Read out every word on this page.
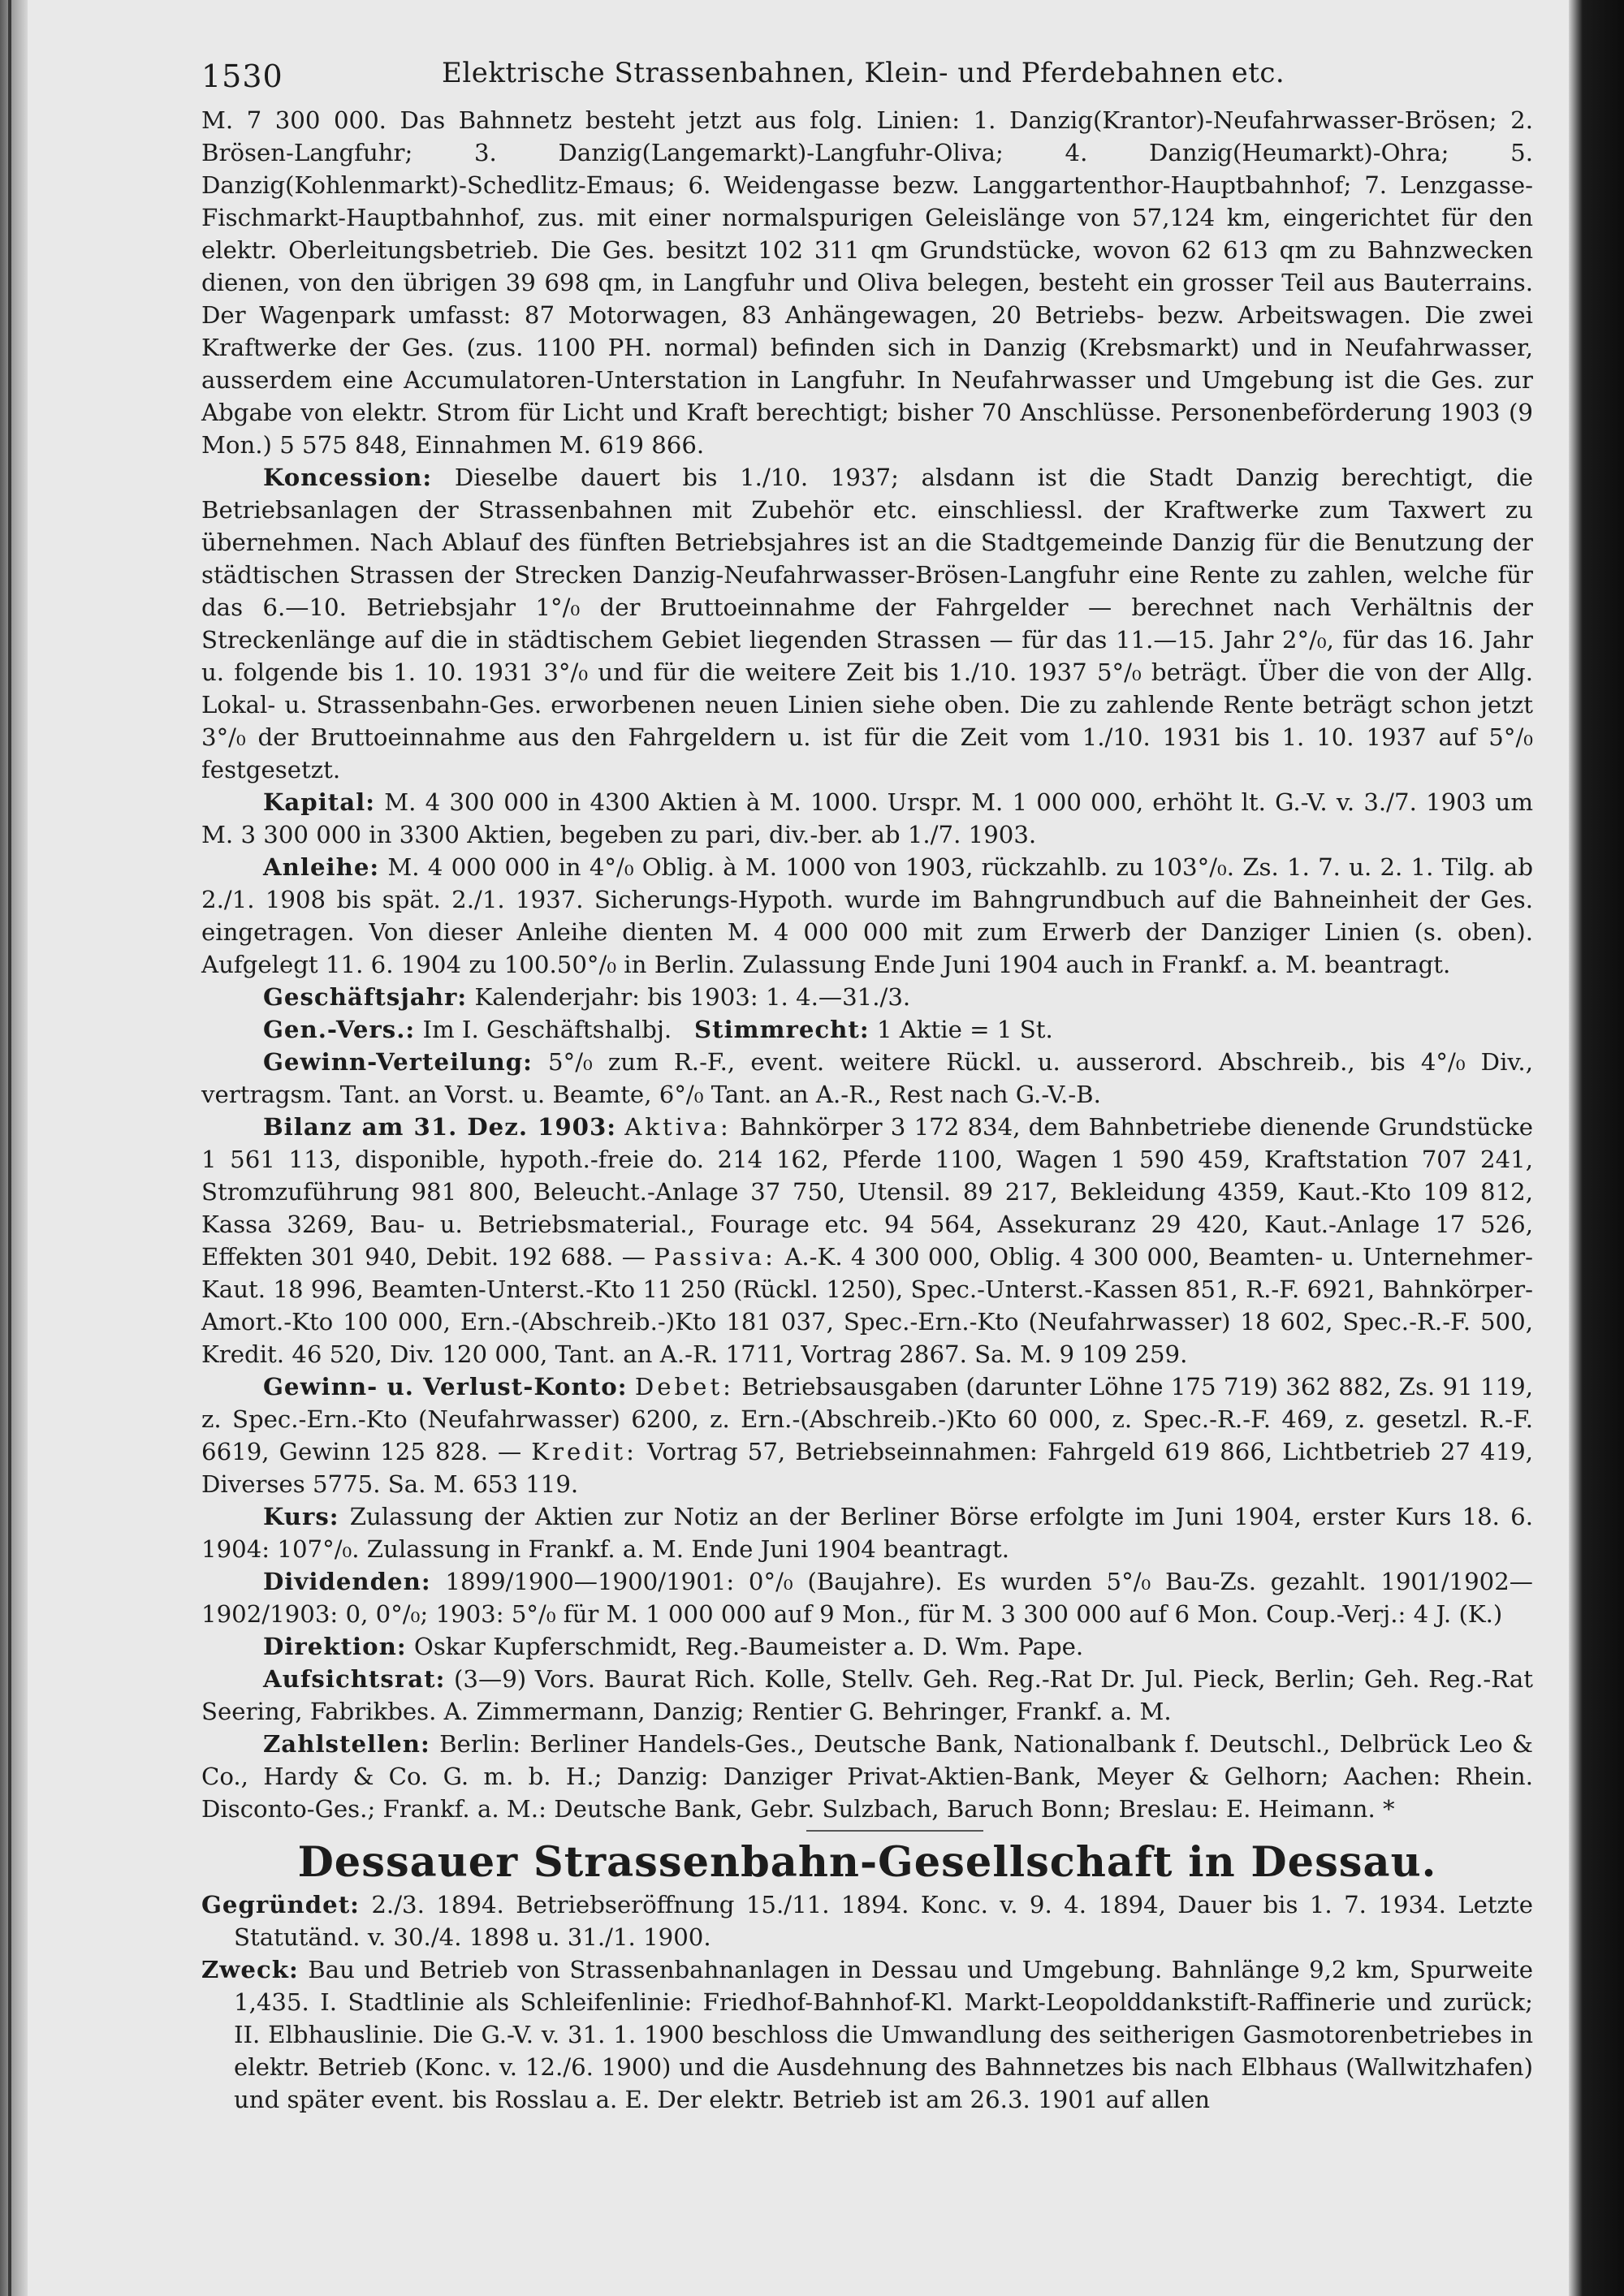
1530	Elektrische Strassenbahnen, Klein- und Pferdebahnen etc.

M. 7 300 000. Das Bahnnetz besteht jetzt aus folg. Linien: 1. Danzig(Krantor)-Neufahrwasser-Brösen; 2. Brösen-Langfuhr; 3. Danzig(Langemarkt)-Langfuhr-Oliva; 4. Danzig(Heumarkt)-Ohra; 5. Danzig(Kohlenmarkt)-Schedlitz-Emaus; 6. Weidengasse bezw. Langgartenthor-Hauptbahnhof; 7. Lenzgasse-Fischmarkt-Hauptbahnhof, zus. mit einer normalspurigen Geleislänge von 57,124 km, eingerichtet für den elektr. Oberleitungsbetrieb. Die Ges. besitzt 102 311 qm Grundstücke, wovon 62 613 qm zu Bahnzwecken dienen, von den übrigen 39 698 qm, in Langfuhr und Oliva belegen, besteht ein grosser Teil aus Bauterrains. Der Wagenpark umfasst: 87 Motorwagen, 83 Anhängewagen, 20 Betriebs- bezw. Arbeitswagen. Die zwei Kraftwerke der Ges. (zus. 1100 PH. normal) befinden sich in Danzig (Krebsmarkt) und in Neufahrwasser, ausserdem eine Accumulatoren-Unterstation in Langfuhr. In Neufahrwasser und Umgebung ist die Ges. zur Abgabe von elektr. Strom für Licht und Kraft berechtigt; bisher 70 Anschlüsse. Personenbeförderung 1903 (9 Mon.) 5 575 848, Einnahmen M. 619 866.

Koncession: Dieselbe dauert bis 1./10. 1937; alsdann ist die Stadt Danzig berechtigt, die Betriebsanlagen der Strassenbahnen mit Zubehör etc. einschliessl. der Kraftwerke zum Taxwert zu übernehmen. Nach Ablauf des fünften Betriebsjahres ist an die Stadtgemeinde Danzig für die Benutzung der städtischen Strassen der Strecken Danzig-Neufahrwasser-Brösen-Langfuhr eine Rente zu zahlen, welche für das 6.—10. Betriebsjahr 1°/₀ der Bruttoeinnahme der Fahrgelder — berechnet nach Verhältnis der Streckenlänge auf die in städtischem Gebiet liegenden Strassen — für das 11.—15. Jahr 2°/₀, für das 16. Jahr u. folgende bis 1. 10. 1931 3°/₀ und für die weitere Zeit bis 1./10. 1937 5°/₀ beträgt. Über die von der Allg. Lokal- u. Strassenbahn-Ges. erworbenen neuen Linien siehe oben. Die zu zahlende Rente beträgt schon jetzt 3°/₀ der Bruttoeinnahme aus den Fahrgeldern u. ist für die Zeit vom 1./10. 1931 bis 1. 10. 1937 auf 5°/₀ festgesetzt.

Kapital: M. 4 300 000 in 4300 Aktien à M. 1000. Urspr. M. 1 000 000, erhöht lt. G.-V. v. 3./7. 1903 um M. 3 300 000 in 3300 Aktien, begeben zu pari, div.-ber. ab 1./7. 1903.

Anleihe: M. 4 000 000 in 4°/₀ Oblig. à M. 1000 von 1903, rückzahlb. zu 103°/₀. Zs. 1. 7. u. 2. 1. Tilg. ab 2./1. 1908 bis spät. 2./1. 1937. Sicherungs-Hypoth. wurde im Bahngrundbuch auf die Bahneinheit der Ges. eingetragen. Von dieser Anleihe dienten M. 4 000 000 mit zum Erwerb der Danziger Linien (s. oben). Aufgelegt 11. 6. 1904 zu 100.50°/₀ in Berlin. Zulassung Ende Juni 1904 auch in Frankf. a. M. beantragt.

Geschäftsjahr: Kalenderjahr: bis 1903: 1. 4.—31./3.

Gen.-Vers.: Im I. Geschäftshalbj. Stimmrecht: 1 Aktie = 1 St.

Gewinn-Verteilung: 5°/₀ zum R.-F., event. weitere Rückl. u. ausserord. Abschreib., bis 4°/₀ Div., vertragsm. Tant. an Vorst. u. Beamte, 6°/₀ Tant. an A.-R., Rest nach G.-V.-B.

Bilanz am 31. Dez. 1903: Aktiva: Bahnkörper 3 172 834, dem Bahnbetriebe dienende Grundstücke 1 561 113, disponible, hypoth.-freie do. 214 162, Pferde 1100, Wagen 1 590 459, Kraftstation 707 241, Stromzuführung 981 800, Beleucht.-Anlage 37 750, Utensil. 89 217, Bekleidung 4359, Kaut.-Kto 109 812, Kassa 3269, Bau- u. Betriebsmaterial., Fourage etc. 94 564, Assekuranz 29 420, Kaut.-Anlage 17 526, Effekten 301 940, Debit. 192 688. — Passiva: A.-K. 4 300 000, Oblig. 4 300 000, Beamten- u. Unternehmer-Kaut. 18 996, Beamten-Unterst.-Kto 11 250 (Rückl. 1250), Spec.-Unterst.-Kassen 851, R.-F. 6921, Bahnkörper-Amort.-Kto 100 000, Ern.-(Abschreib.-)Kto 181 037, Spec.-Ern.-Kto (Neufahrwasser) 18 602, Spec.-R.-F. 500, Kredit. 46 520, Div. 120 000, Tant. an A.-R. 1711, Vortrag 2867. Sa. M. 9 109 259.

Gewinn- u. Verlust-Konto: Debet: Betriebsausgaben (darunter Löhne 175 719) 362 882, Zs. 91 119, z. Spec.-Ern.-Kto (Neufahrwasser) 6200, z. Ern.-(Abschreib.-)Kto 60 000, z. Spec.-R.-F. 469, z. gesetzl. R.-F. 6619, Gewinn 125 828. — Kredit: Vortrag 57, Betriebseinnahmen: Fahrgeld 619 866, Lichtbetrieb 27 419, Diverses 5775. Sa. M. 653 119.

Kurs: Zulassung der Aktien zur Notiz an der Berliner Börse erfolgte im Juni 1904, erster Kurs 18. 6. 1904: 107°/₀. Zulassung in Frankf. a. M. Ende Juni 1904 beantragt.

Dividenden: 1899/1900—1900/1901: 0°/₀ (Baujahre). Es wurden 5°/₀ Bau-Zs. gezahlt. 1901/1902—1902/1903: 0, 0°/₀; 1903: 5°/₀ für M. 1 000 000 auf 9 Mon., für M. 3 300 000 auf 6 Mon. Coup.-Verj.: 4 J. (K.)

Direktion: Oskar Kupferschmidt, Reg.-Baumeister a. D. Wm. Pape.

Aufsichtsrat: (3—9) Vors. Baurat Rich. Kolle, Stellv. Geh. Reg.-Rat Dr. Jul. Pieck, Berlin; Geh. Reg.-Rat Seering, Fabrikbes. A. Zimmermann, Danzig; Rentier G. Behringer, Frankf. a. M.

Zahlstellen: Berlin: Berliner Handels-Ges., Deutsche Bank, Nationalbank f. Deutschl., Delbrück Leo & Co., Hardy & Co. G. m. b. H.; Danzig: Danziger Privat-Aktien-Bank, Meyer & Gelhorn; Aachen: Rhein. Disconto-Ges.; Frankf. a. M.: Deutsche Bank, Gebr. Sulzbach, Baruch Bonn; Breslau: E. Heimann. *

Dessauer Strassenbahn-Gesellschaft in Dessau.

Gegründet: 2./3. 1894. Betriebseröffnung 15./11. 1894. Konc. v. 9. 4. 1894, Dauer bis 1. 7. 1934. Letzte Statutänd. v. 30./4. 1898 u. 31./1. 1900.

Zweck: Bau und Betrieb von Strassenbahnanlagen in Dessau und Umgebung. Bahnlänge 9,2 km, Spurweite 1,435. I. Stadtlinie als Schleifenlinie: Friedhof-Bahnhof-Kl. Markt-Leopolddankstift-Raffinerie und zurück; II. Elbhauslinie. Die G.-V. v. 31. 1. 1900 beschloss die Umwandlung des seitherigen Gasmotorenbetriebes in elektr. Betrieb (Konc. v. 12./6. 1900) und die Ausdehnung des Bahnnetzes bis nach Elbhaus (Wallwitzhafen) und später event. bis Rosslau a. E. Der elektr. Betrieb ist am 26.3. 1901 auf allen
